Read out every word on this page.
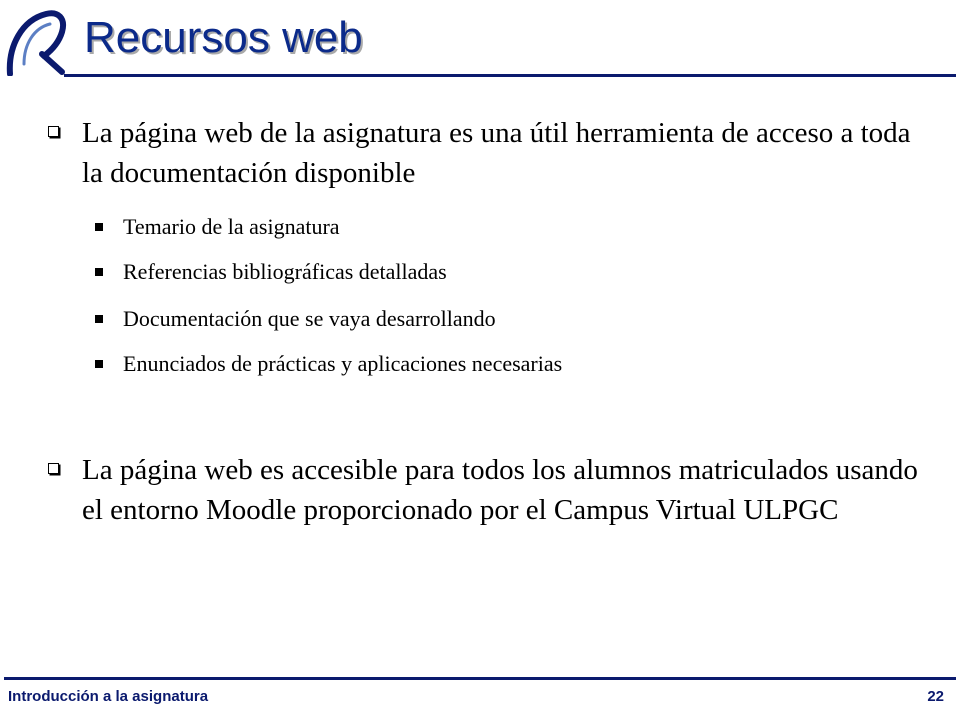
Recursos web
La página web de la asignatura es una útil herramienta de acceso a toda la documentación disponible
Temario de la asignatura
Referencias bibliográficas detalladas
Documentación que se vaya desarrollando
Enunciados de prácticas y aplicaciones necesarias
La página web es accesible para todos los alumnos matriculados usando el entorno Moodle proporcionado por el Campus Virtual ULPGC
Introducción a la asignatura	22
